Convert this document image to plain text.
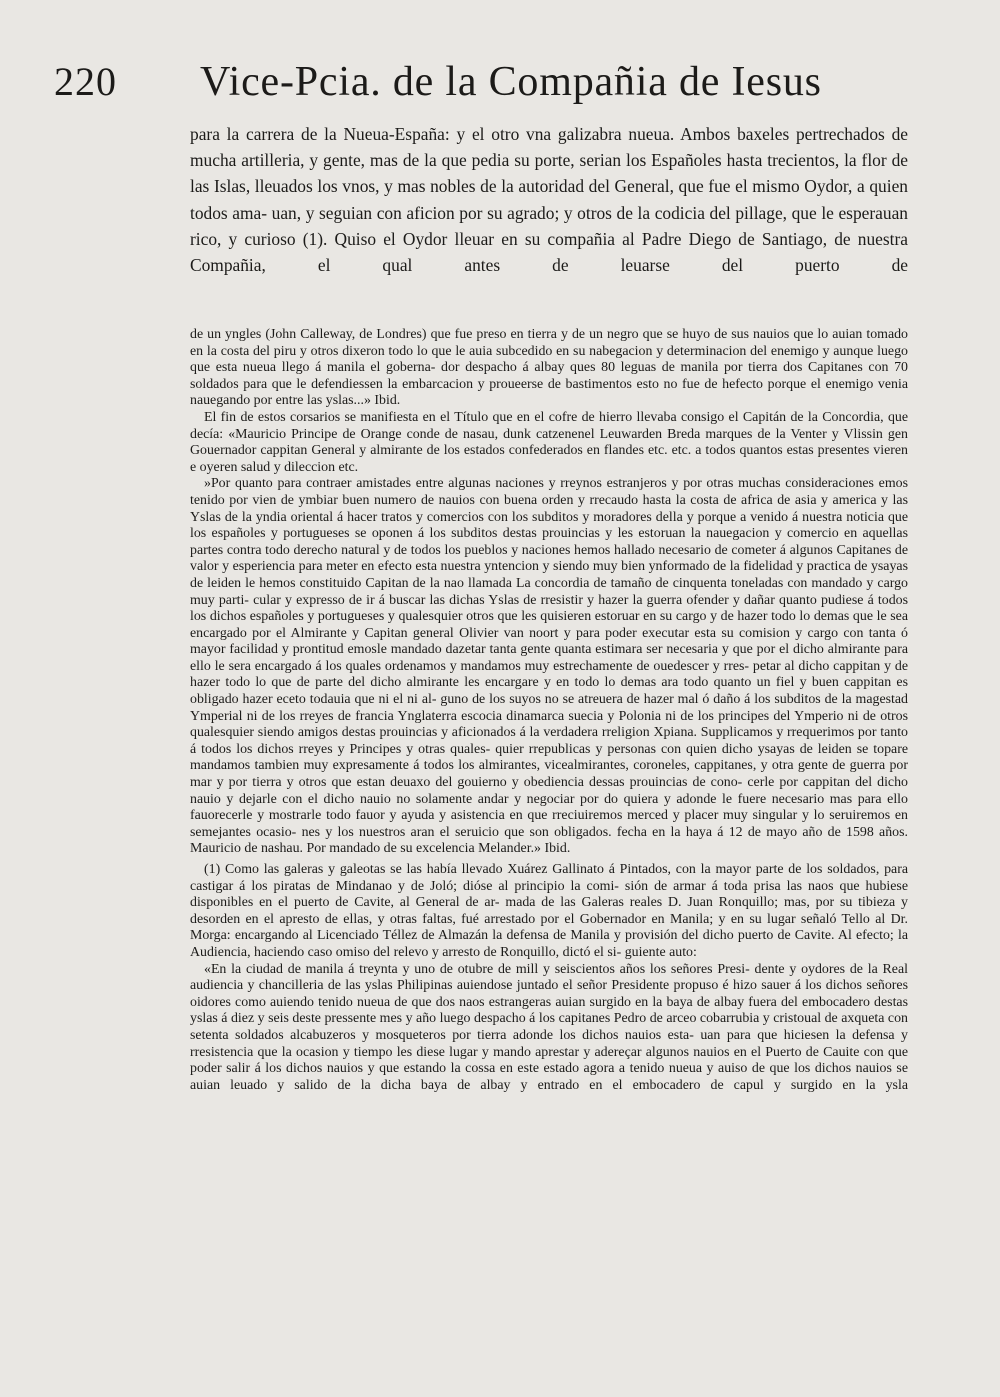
220 Vice-Pcia. de la Compañia de Iesus

para la carrera de la Nueua-España: y el otro vna galizabra nueua. Ambos baxeles pertrechados de mucha artilleria, y gente, mas de la que pedia su porte, serian los Españoles hasta trecientos, la flor de las Islas, lleuados los vnos, y mas nobles de la autoridad del General, que fue el mismo Oydor, a quien todos ama- uan, y seguian con aficion por su agrado; y otros de la codicia del pillage, que le esperauan rico, y curioso (1). Quiso el Oydor lleuar en su compañia al Padre Diego de Santiago, de nuestra Compañia, el qual antes de leuarse del puerto de

de un yngles (John Calleway, de Londres) que fue preso en tierra y de un negro que se huyo de sus nauios que lo auian tomado en la costa del piru y otros dixeron todo lo que le auia subcedido en su nabegacion y determinacion del enemigo y aunque luego que esta nueua llego á manila el goberna- dor despacho á albay ques 80 leguas de manila por tierra dos Capitanes con 70 soldados para que le defendiessen la embarcacion y proueerse de bastimentos esto no fue de hefecto porque el enemigo venia nauegando por entre las yslas...» Ibid.

El fin de estos corsarios se manifiesta en el Título que en el cofre de hierro llevaba consigo el Capitán de la Concordia, que decía: «Mauricio Principe de Orange conde de nasau, dunk catzenenel Leuwarden Breda marques de la Venter y Vlissin gen Gouernador cappitan General y almirante de los estados confederados en flandes etc. etc. a todos quantos estas presentes vieren e oyeren salud y dileccion etc.

»Por quanto para contraer amistades entre algunas naciones y rreynos estranjeros y por otras muchas consideraciones emos tenido por vien de ymbiar buen numero de nauios con buena orden y rrecaudo hasta la costa de africa de asia y america y las Yslas de la yndia oriental á hacer tratos y comercios con los subditos y moradores della y porque a venido á nuestra noticia que los españoles y portugueses se oponen á los subditos destas prouincias y les estoruan la nauegacion y comercio en aquellas partes contra todo derecho natural y de todos los pueblos y naciones hemos hallado necesario de cometer á algunos Capitanes de valor y esperiencia para meter en efecto esta nuestra yntencion y siendo muy bien ynformado de la fidelidad y practica de ysayas de leiden le hemos constituido Capitan de la nao llamada La concordia de tamaño de cinquenta toneladas con mandado y cargo muy parti- cular y expresso de ir á buscar las dichas Yslas de rresistir y hazer la guerra ofender y dañar quanto pudiese á todos los dichos españoles y portugueses y qualesquier otros que les quisieren estoruar en su cargo y de hazer todo lo demas que le sea encargado por el Almirante y Capitan general Olivier van noort y para poder executar esta su comision y cargo con tanta ó mayor facilidad y prontitud emosle mandado dazetar tanta gente quanta estimara ser necesaria y que por el dicho almirante para ello le sera encargado á los quales ordenamos y mandamos muy estrechamente de ouedescer y rres- petar al dicho cappitan y de hazer todo lo que de parte del dicho almirante les encargare y en todo lo demas ara todo quanto un fiel y buen cappitan es obligado hazer eceto todauia que ni el ni al- guno de los suyos no se atreuera de hazer mal ó daño á los subditos de la magestad Ymperial ni de los rreyes de francia Ynglaterra escocia dinamarca suecia y Polonia ni de los principes del Ymperio ni de otros qualesquier siendo amigos destas prouincias y aficionados á la verdadera rreligion Xpiana. Supplicamos y rrequerimos por tanto á todos los dichos rreyes y Principes y otras quales- quier rrepublicas y personas con quien dicho ysayas de leiden se topare mandamos tambien muy expresamente á todos los almirantes, vicealmirantes, coroneles, cappitanes, y otra gente de guerra por mar y por tierra y otros que estan deuaxo del gouierno y obediencia dessas prouincias de cono- cerle por cappitan del dicho nauio y dejarle con el dicho nauio no solamente andar y negociar por do quiera y adonde le fuere necesario mas para ello fauorecerle y mostrarle todo fauor y ayuda y asistencia en que rreciuiremos merced y placer muy singular y lo seruiremos en semejantes ocasio- nes y los nuestros aran el seruicio que son obligados. fecha en la haya á 12 de mayo año de 1598 años. Mauricio de nashau. Por mandado de su excelencia Melander.» Ibid.

(1) Como las galeras y galeotas se las había llevado Xuárez Gallinato á Pintados, con la mayor parte de los soldados, para castigar á los piratas de Mindanao y de Joló; dióse al principio la comi- sión de armar á toda prisa las naos que hubiese disponibles en el puerto de Cavite, al General de ar- mada de las Galeras reales D. Juan Ronquillo; mas, por su tibieza y desorden en el apresto de ellas, y otras faltas, fué arrestado por el Gobernador en Manila; y en su lugar señaló Tello al Dr. Morga: encargando al Licenciado Téllez de Almazán la defensa de Manila y provisión del dicho puerto de Cavite. Al efecto; la Audiencia, haciendo caso omiso del relevo y arresto de Ronquillo, dictó el si- guiente auto:

«En la ciudad de manila á treynta y uno de otubre de mill y seiscientos años los señores Presi- dente y oydores de la Real audiencia y chancilleria de las yslas Philipinas auiendose juntado el señor Presidente propuso é hizo sauer á los dichos señores oidores como auiendo tenido nueua de que dos naos estrangeras auian surgido en la baya de albay fuera del embocadero destas yslas á diez y seis deste pressente mes y año luego despacho á los capitanes Pedro de arceo cobarrubia y cristoual de axqueta con setenta soldados alcabuzeros y mosqueteros por tierra adonde los dichos nauios esta- uan para que hiciesen la defensa y rresistencia que la ocasion y tiempo les diese lugar y mando aprestar y adereçar algunos nauios en el Puerto de Cauite con que poder salir á los dichos nauios y que estando la cossa en este estado agora a tenido nueua y auiso de que los dichos nauios se auian leuado y salido de la dicha baya de albay y entrado en el embocadero de capul y surgido en la ysla
